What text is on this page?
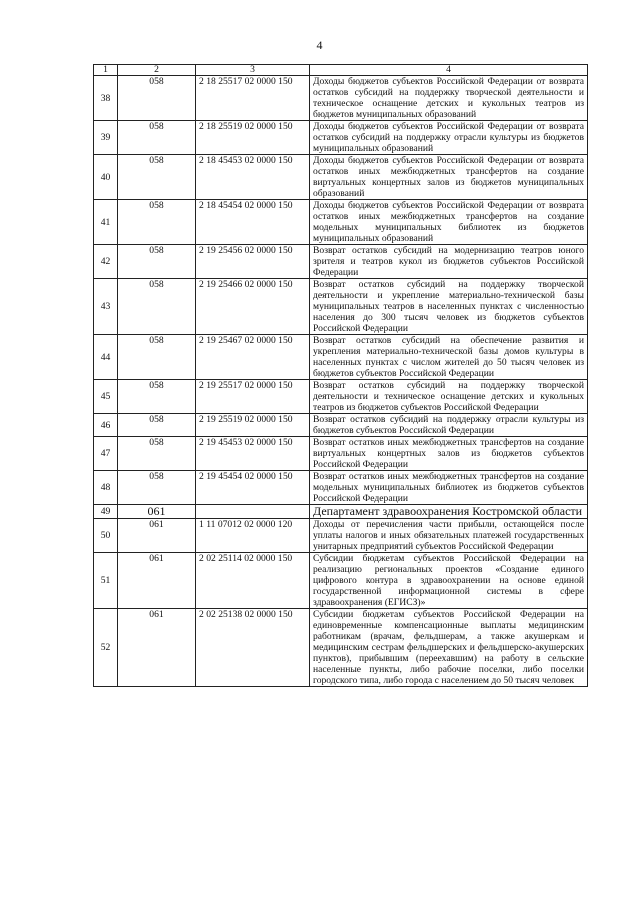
4
1	2	3	4
38	058	2 18 25517 02 0000 150	Доходы бюджетов субъектов Российской Федерации от возврата остатков субсидий на поддержку творческой деятельности и техническое оснащение детских и кукольных театров из бюджетов муниципальных образований
39	058	2 18 25519 02 0000 150	Доходы бюджетов субъектов Российской Федерации от возврата остатков субсидий на поддержку отрасли культуры из бюджетов муниципальных образований
40	058	2 18 45453 02 0000 150	Доходы бюджетов субъектов Российской Федерации от возврата остатков иных межбюджетных трансфертов на создание виртуальных концертных залов из бюджетов муниципальных образований
41	058	2 18 45454 02 0000 150	Доходы бюджетов субъектов Российской Федерации от возврата остатков иных межбюджетных трансфертов на создание модельных муниципальных библиотек из бюджетов муниципальных образований
42	058	2 19 25456 02 0000 150	Возврат остатков субсидий на модернизацию театров юного зрителя и театров кукол из бюджетов субъектов Российской Федерации
43	058	2 19 25466 02 0000 150	Возврат остатков субсидий на поддержку творческой деятельности и укрепление материально-технической базы муниципальных театров в населенных пунктах с численностью населения до 300 тысяч человек из бюджетов субъектов Российской Федерации
44	058	2 19 25467 02 0000 150	Возврат остатков субсидий на обеспечение развития и укрепления материально-технической базы домов культуры в населенных пунктах с числом жителей до 50 тысяч человек из бюджетов субъектов Российской Федерации
45	058	2 19 25517 02 0000 150	Возврат остатков субсидий на поддержку творческой деятельности и техническое оснащение детских и кукольных театров из бюджетов субъектов Российской Федерации
46	058	2 19 25519 02 0000 150	Возврат остатков субсидий на поддержку отрасли культуры из бюджетов субъектов Российской Федерации
47	058	2 19 45453 02 0000 150	Возврат остатков иных межбюджетных трансфертов на создание виртуальных концертных залов из бюджетов субъектов Российской Федерации
48	058	2 19 45454 02 0000 150	Возврат остатков иных межбюджетных трансфертов на создание модельных муниципальных библиотек из бюджетов субъектов Российской Федерации
49	061		Департамент здравоохранения Костромской области
50	061	1 11 07012 02 0000 120	Доходы от перечисления части прибыли, остающейся после уплаты налогов и иных обязательных платежей государственных унитарных предприятий субъектов Российской Федерации
51	061	2 02 25114 02 0000 150	Субсидии бюджетам субъектов Российской Федерации на реализацию региональных проектов «Создание единого цифрового контура в здравоохранении на основе единой государственной информационной системы в сфере здравоохранения (ЕГИСЗ)»
52	061	2 02 25138 02 0000 150	Субсидии бюджетам субъектов Российской Федерации на единовременные компенсационные выплаты медицинским работникам (врачам, фельдшерам, а также акушеркам и медицинским сестрам фельдшерских и фельдшерско-акушерских пунктов), прибывшим (переехавшим) на работу в сельские населенные пункты, либо рабочие поселки, либо поселки городского типа, либо города с населением до 50 тысяч человек
